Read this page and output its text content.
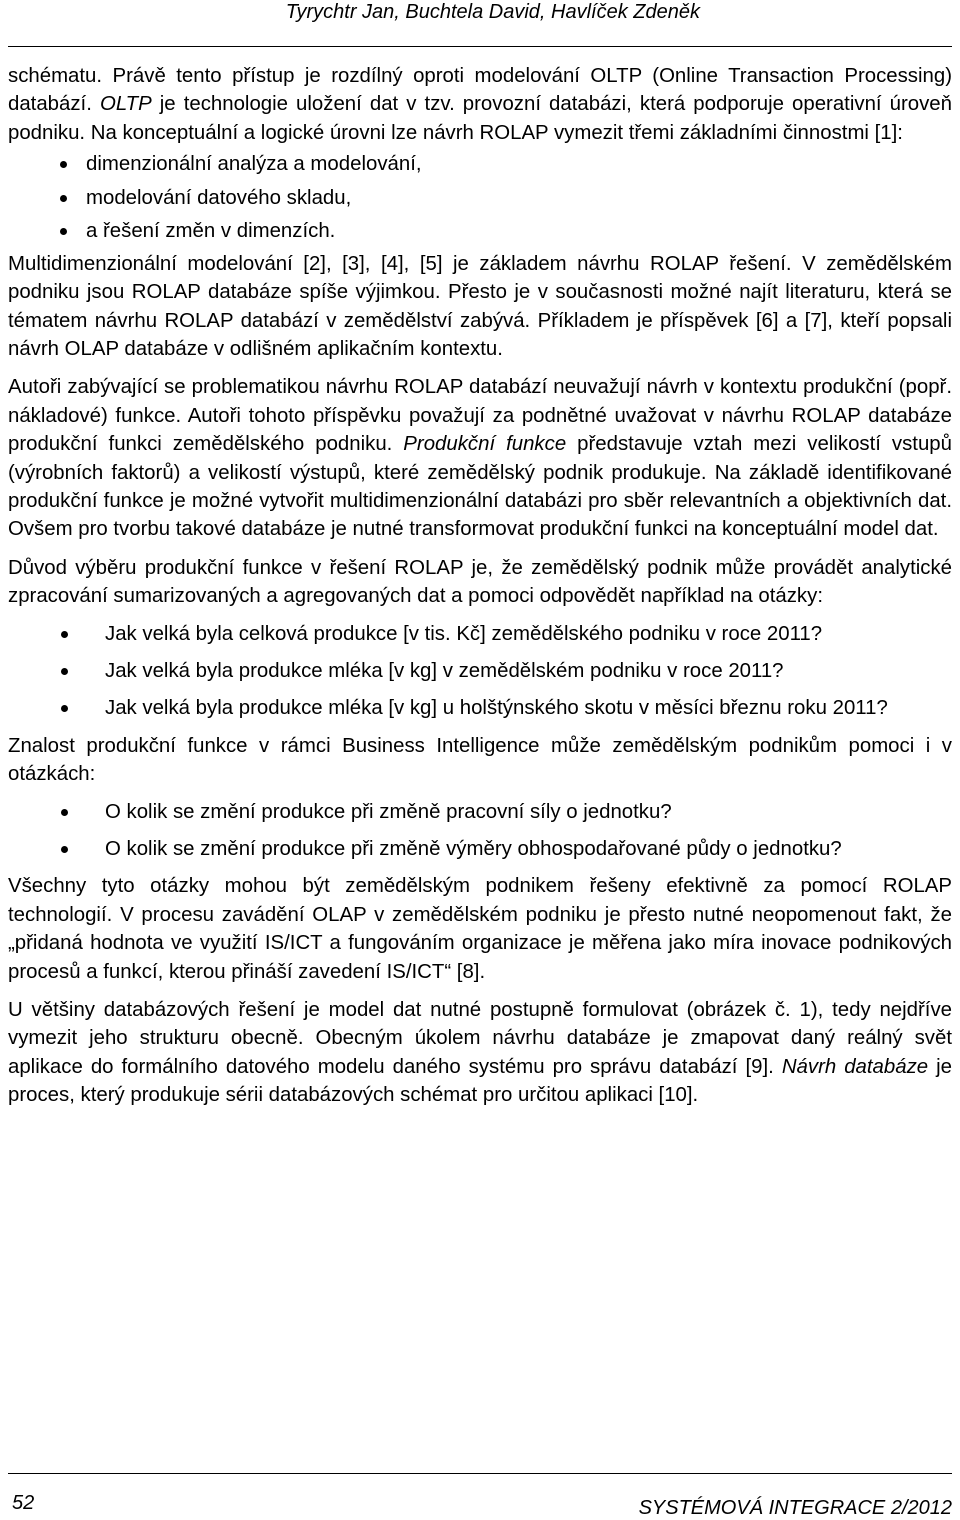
Tyrychtr Jan, Buchtela David, Havlíček Zdeněk

schématu. Právě tento přístup je rozdílný oproti modelování OLTP (Online Transaction Processing) databází. OLTP je technologie uložení dat v tzv. provozní databázi, která podporuje operativní úroveň podniku. Na konceptuální a logické úrovni lze návrh ROLAP vymezit třemi základními činnostmi [1]:

dimenzionální analýza a modelování,
modelování datového skladu,
a řešení změn v dimenzích.

Multidimenzionální modelování [2], [3], [4], [5] je základem návrhu ROLAP řešení. V zemědělském podniku jsou ROLAP databáze spíše výjimkou. Přesto je v současnosti možné najít literaturu, která se tématem návrhu ROLAP databází v zemědělství zabývá. Příkladem je příspěvek [6] a [7], kteří popsali návrh OLAP databáze v odlišném aplikačním kontextu.

Autoři zabývající se problematikou návrhu ROLAP databází neuvažují návrh v kontextu produkční (popř. nákladové) funkce. Autoři tohoto příspěvku považují za podnětné uvažovat v návrhu ROLAP databáze produkční funkci zemědělského podniku. Produkční funkce představuje vztah mezi velikostí vstupů (výrobních faktorů) a velikostí výstupů, které zemědělský podnik produkuje. Na základě identifikované produkční funkce je možné vytvořit multidimenzionální databázi pro sběr relevantních a objektivních dat. Ovšem pro tvorbu takové databáze je nutné transformovat produkční funkci na konceptuální model dat.

Důvod výběru produkční funkce v řešení ROLAP je, že zemědělský podnik může provádět analytické zpracování sumarizovaných a agregovaných dat a pomoci odpovědět například na otázky:

Jak velká byla celková produkce [v tis. Kč] zemědělského podniku v roce 2011?
Jak velká byla produkce mléka [v kg] v zemědělském podniku v roce 2011?
Jak velká byla produkce mléka [v kg] u holštýnského skotu v měsíci březnu roku 2011?

Znalost produkční funkce v rámci Business Intelligence může zemědělským podnikům pomoci i v otázkách:

O kolik se změní produkce při změně pracovní síly o jednotku?
O kolik se změní produkce při změně výměry obhospodařované půdy o jednotku?

Všechny tyto otázky mohou být zemědělským podnikem řešeny efektivně za pomocí ROLAP technologií. V procesu zavádění OLAP v zemědělském podniku je přesto nutné neopomenout fakt, že „přidaná hodnota ve využití IS/ICT a fungováním organizace je měřena jako míra inovace podnikových procesů a funkcí, kterou přináší zavedení IS/ICT“ [8].

U většiny databázových řešení je model dat nutné postupně formulovat (obrázek č. 1), tedy nejdříve vymezit jeho strukturu obecně. Obecným úkolem návrhu databáze je zmapovat daný reálný svět aplikace do formálního datového modelu daného systému pro správu databází [9]. Návrh databáze je proces, který produkuje sérii databázových schémat pro určitou aplikaci [10].

52	SYSTÉMOVÁ INTEGRACE 2/2012
